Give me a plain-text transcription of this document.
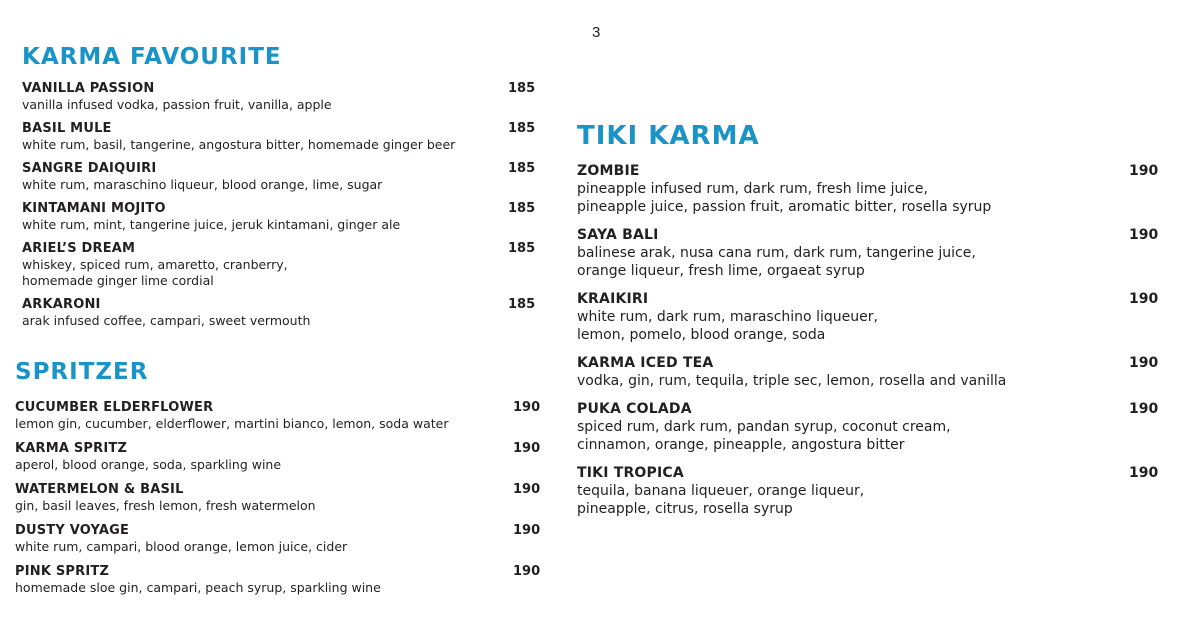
3
KARMA FAVOURITE
VANILLA PASSION	185
vanilla infused vodka, passion fruit, vanilla, apple
BASIL MULE	185
white rum, basil, tangerine, angostura bitter, homemade ginger beer
SANGRE DAIQUIRI	185
white rum, maraschino liqueur, blood orange, lime, sugar
KINTAMANI MOJITO	185
white rum, mint, tangerine juice, jeruk kintamani, ginger ale
ARIEL’S DREAM	185
whiskey, spiced rum, amaretto, cranberry,
homemade ginger lime cordial
ARKARONI	185
arak infused coffee, campari, sweet vermouth
SPRITZER
CUCUMBER ELDERFLOWER	190
lemon gin, cucumber, elderflower, martini bianco, lemon, soda water
KARMA SPRITZ	190
aperol, blood orange, soda, sparkling wine
WATERMELON & BASIL	190
gin, basil leaves, fresh lemon, fresh watermelon
DUSTY VOYAGE	190
white rum, campari, blood orange, lemon juice, cider
PINK SPRITZ	190
homemade sloe gin, campari, peach syrup, sparkling wine
TIKI KARMA
ZOMBIE	190
pineapple infused rum, dark rum, fresh lime juice,
pineapple juice, passion fruit, aromatic bitter, rosella syrup
SAYA BALI	190
balinese arak, nusa cana rum, dark rum, tangerine juice,
orange liqueur, fresh lime, orgaeat syrup
KRAIKIRI	190
white rum, dark rum, maraschino liqueuer,
lemon, pomelo, blood orange, soda
KARMA ICED TEA	190
vodka, gin, rum, tequila, triple sec, lemon, rosella and vanilla
PUKA COLADA	190
spiced rum, dark rum, pandan syrup, coconut cream,
cinnamon, orange, pineapple, angostura bitter
TIKI TROPICA	190
tequila, banana liqueuer, orange liqueur,
pineapple, citrus, rosella syrup
